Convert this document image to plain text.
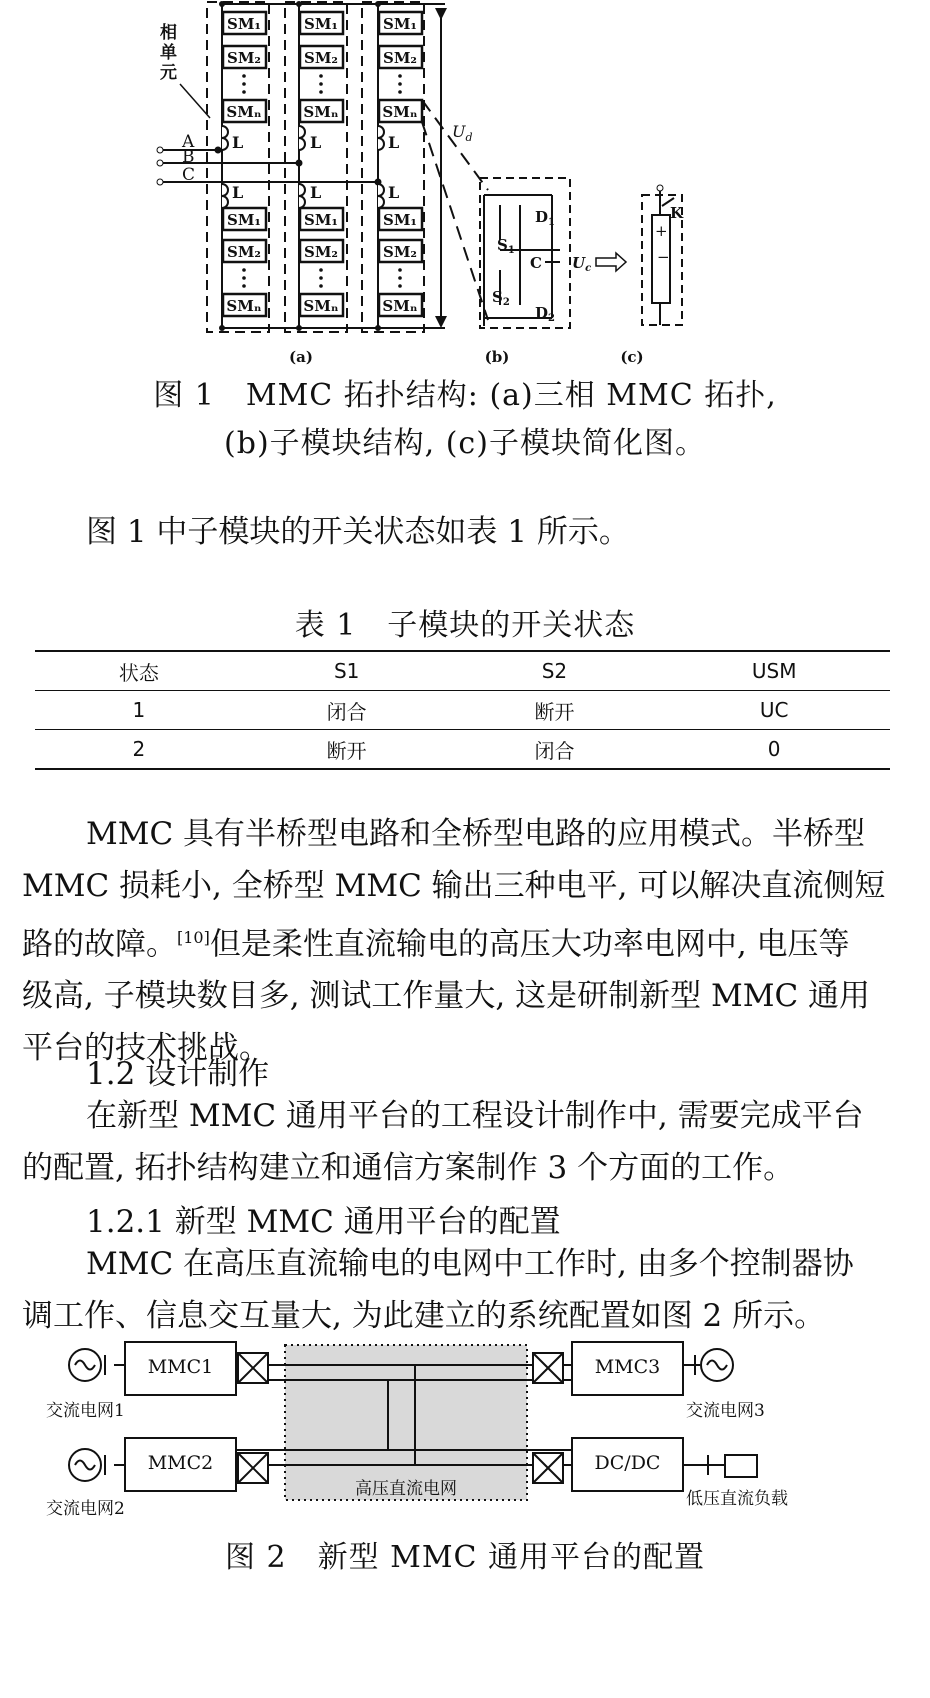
SM₁
SM₂
SMₙ
SM₁
SM₂
SMₙ
SM₁
SM₂
SMₙ
SM₁
SM₂
SMₙ
SM₁
SM₂
SMₙ
SM₁
SM₂
SMₙ
L	L	L
L	L	L
A
B
C
相
单
元
$U_d$
$S_1$
$S_2$
$D_1$
$D_2$
C $U_c$
K
+
−
(a)	(b)	(c)
图 1　MMC 拓扑结构: (a)三相 MMC 拓扑,
(b)子模块结构, (c)子模块简化图。
图 1 中子模块的开关状态如表 1 所示。
表 1　子模块的开关状态
状态	S1	S2	USM
1	闭合	断开	UC
2	断开	闭合	0
MMC 具有半桥型电路和全桥型电路的应用模式。半桥型
MMC 损耗小, 全桥型 MMC 输出三种电平, 可以解决直流侧短
路的故障。[10]但是柔性直流输电的高压大功率电网中, 电压等
级高, 子模块数目多, 测试工作量大, 这是研制新型 MMC 通用
平台的技术挑战。
1.2 设计制作
在新型 MMC 通用平台的工程设计制作中, 需要完成平台
的配置, 拓扑结构建立和通信方案制作 3 个方面的工作。
1.2.1 新型 MMC 通用平台的配置
MMC 在高压直流输电的电网中工作时, 由多个控制器协
调工作、信息交互量大, 为此建立的系统配置如图 2 所示。
MMC1
MMC2
MMC3
DC/DC
交流电网1
交流电网2
交流电网3
高压直流电网	低压直流负载
图 2　新型 MMC 通用平台的配置
